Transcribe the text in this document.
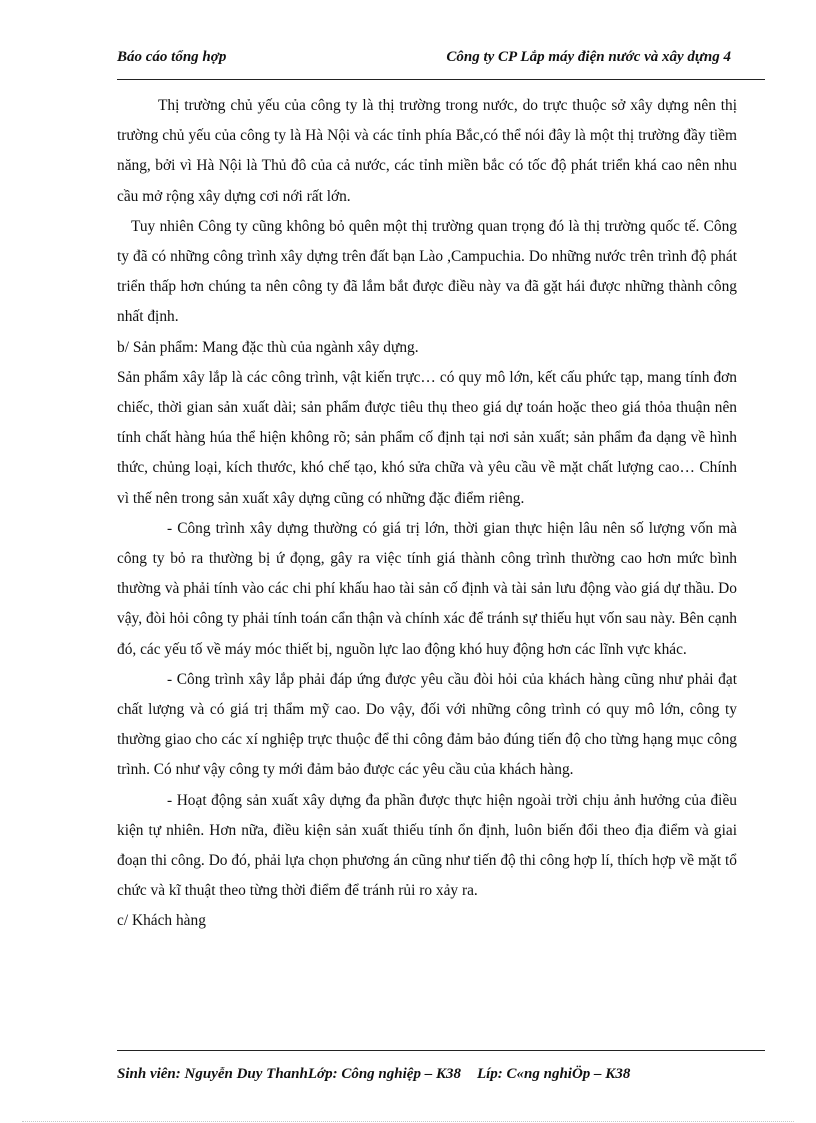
Báo cáo tổng hợp	Công ty CP Lắp máy điện nước và xây dựng 4

Thị trường chủ yếu của công ty là thị trường trong nước, do trực thuộc sở xây dựng nên thị trường chủ yếu của công ty là Hà Nội và các tỉnh phía Bắc,có thể nói đây là một thị trường đầy tiềm năng, bởi vì Hà Nội là Thủ đô của cả nước, các tỉnh miền bắc có tốc độ phát triển khá cao nên nhu cầu mở rộng xây dựng cơi nới rất lớn.

Tuy nhiên Công ty cũng không bỏ quên một thị trường quan trọng đó là thị trường quốc tế. Công ty đã có những công trình xây dựng trên đất bạn Lào ,Campuchia. Do những nước trên trình độ phát triển thấp hơn chúng ta nên công ty đã lắm bắt được điều này va đã gặt hái được những thành công nhất định.

b/ Sản phẩm: Mang đặc thù của ngành xây dựng.

Sản phẩm xây lắp là các công trình, vật kiến trực… có quy mô lớn, kết cấu phức tạp, mang tính đơn chiếc, thời gian sản xuất dài; sản phẩm được tiêu thụ theo giá dự toán hoặc theo giá thỏa thuận nên tính chất hàng húa thể hiện không rõ; sản phẩm cố định tại nơi sản xuất; sản phẩm đa dạng về hình thức, chủng loại, kích thước, khó chế tạo, khó sửa chữa và yêu cầu về mặt chất lượng cao… Chính vì thế nên trong sản xuất xây dựng cũng có những đặc điểm riêng.

- Công trình xây dựng thường có giá trị lớn, thời gian thực hiện lâu nên số lượng vốn mà công ty bỏ ra thường bị ứ đọng, gây ra việc tính giá thành công trình thường cao hơn mức bình thường và phải tính vào các chi phí khấu hao tài sản cố định và tài sản lưu động vào giá dự thầu. Do vậy, đòi hỏi công ty phải tính toán cẩn thận và chính xác để tránh sự thiếu hụt vốn sau này. Bên cạnh đó, các yếu tố về máy móc thiết bị, nguồn lực lao động khó huy động hơn các lĩnh vực khác.

- Công trình xây lắp phải đáp ứng được yêu cầu đòi hỏi của khách hàng cũng như phải đạt chất lượng và có giá trị thẩm mỹ cao. Do vậy, đối với những công trình có quy mô lớn, công ty thường giao cho các xí nghiệp trực thuộc để thi công đảm bảo đúng tiến độ cho từng hạng mục công trình. Có như vậy công ty mới đảm bảo được các yêu cầu của khách hàng.

- Hoạt động sản xuất xây dựng đa phần được thực hiện ngoài trời chịu ảnh hưởng của điều kiện tự nhiên. Hơn nữa, điều kiện sản xuất thiếu tính ổn định, luôn biến đổi theo địa điểm và giai đoạn thi công. Do đó, phải lựa chọn phương án cũng như tiến độ thi công hợp lí, thích hợp về mặt tổ chức và kĩ thuật theo từng thời điểm để tránh rủi ro xảy ra.

c/ Khách hàng

Sinh viên: Nguyễn Duy ThanhLớp: Công nghiệp – K38 Líp: C«ng nghiÖp – K38
